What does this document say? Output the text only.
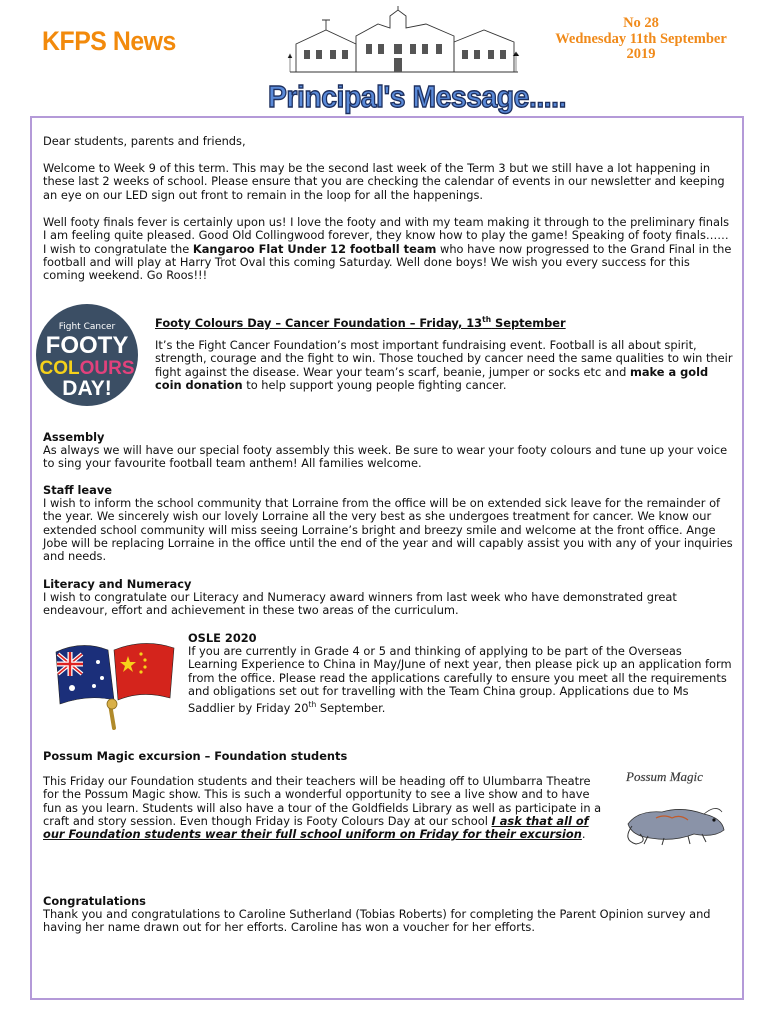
KFPS News
No 28
Wednesday 11th September
2019
Principal's Message.....

Dear students, parents and friends,

Welcome to Week 9 of this term. This may be the second last week of the Term 3 but we still have a lot happening in these last 2 weeks of school. Please ensure that you are checking the calendar of events in our newsletter and keeping an eye on our LED sign out front to remain in the loop for all the happenings.

Well footy finals fever is certainly upon us! I love the footy and with my team making it through to the preliminary finals I am feeling quite pleased. Good Old Collingwood forever, they know how to play the game! Speaking of footy finals…… I wish to congratulate the Kangaroo Flat Under 12 football team who have now progressed to the Grand Final in the football and will play at Harry Trot Oval this coming Saturday. Well done boys! We wish you every success for this coming weekend. Go Roos!!!

Fight Cancer
FOOTY
COLOURS
DAY!

Footy Colours Day – Cancer Foundation – Friday, 13th September

It’s the Fight Cancer Foundation’s most important fundraising event. Football is all about spirit, strength, courage and the fight to win. Those touched by cancer need the same qualities to win their fight against the disease. Wear your team’s scarf, beanie, jumper or socks etc and make a gold coin donation to help support young people fighting cancer.

Assembly

As always we will have our special footy assembly this week. Be sure to wear your footy colours and tune up your voice to sing your favourite football team anthem! All families welcome.

Staff leave

I wish to inform the school community that Lorraine from the office will be on extended sick leave for the remainder of the year. We sincerely wish our lovely Lorraine all the very best as she undergoes treatment for cancer. We know our extended school community will miss seeing Lorraine’s bright and breezy smile and welcome at the front office. Ange Jobe will be replacing Lorraine in the office until the end of the year and will capably assist you with any of your inquiries and needs.

Literacy and Numeracy

I wish to congratulate our Literacy and Numeracy award winners from last week who have demonstrated great endeavour, effort and achievement in these two areas of the curriculum.

OSLE 2020

If you are currently in Grade 4 or 5 and thinking of applying to be part of the Overseas Learning Experience to China in May/June of next year, then please pick up an application form from the office. Please read the applications carefully to ensure you meet all the requirements and obligations set out for travelling with the Team China group. Applications due to Ms Saddlier by Friday 20th September.

Possum Magic excursion – Foundation students

This Friday our Foundation students and their teachers will be heading off to Ulumbarra Theatre for the Possum Magic show. This is such a wonderful opportunity to see a live show and to have fun as you learn. Students will also have a tour of the Goldfields Library as well as participate in a craft and story session. Even though Friday is Footy Colours Day at our school I ask that all of our Foundation students wear their full school uniform on Friday for their excursion.

Possum Magic

Congratulations

Thank you and congratulations to Caroline Sutherland (Tobias Roberts) for completing the Parent Opinion survey and having her name drawn out for her efforts. Caroline has won a voucher for her efforts.
